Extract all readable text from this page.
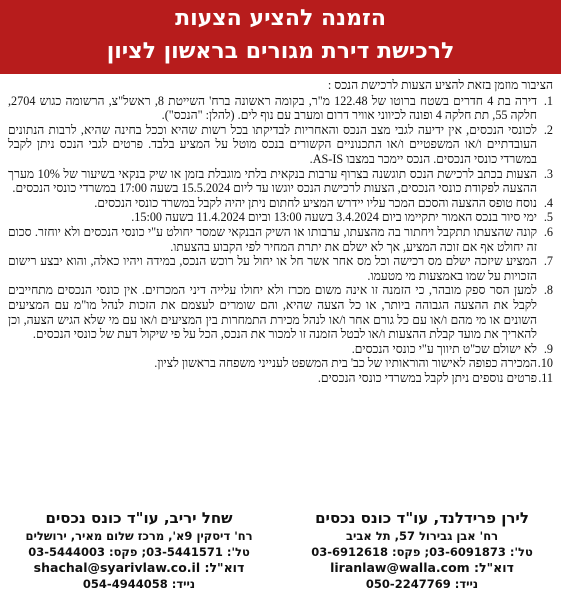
הזמנה להציע הצעות
לרכישת דירת מגורים בראשון לציון
הציבור מוזמן בזאת להציע הצעות לרכישת הנכס :
1.
דירה בת 4 חדרים בשטח ברוטו של 122.48 מ"ר, בקומה ראשונה ברח' השייטת 8, ראשל"צ, הרשומה כגוש 2704, חלקה 55, תת חלקה 4 ופונה לכיווני אוויר דרום ומערב עם נוף לים. (להלן: "הנכס").
2.
לכונסי הנכסים, אין ידיעה לגבי מצב הנכס והאחריות לבדיקתו בכל רשות שהיא וככל בחינה שהיא, לרבות הנתונים העובדתיים ו/או המשפטיים ו/או התכנוניים הקשורים בנכס מוטל על המציע בלבד. פרטים לגבי הנכס ניתן לקבל במשרדי כונסי הנכסים. הנכס יימכר במצבו AS-IS.
3.
הצעות בכתב לרכישת הנכס תוגשנה בצרוף ערבות בנקאית בלתי מוגבלת בזמן או שיק בנקאי בשיעור של 10% מערך ההצעה לפקודת כונסי הנכסים, הצעות לרכישת הנכס יוגשו עד ליום 15.5.2024 בשעה 17:00 במשרדי כונסי הנכסים.
4.
נוסח טופס ההצעה והסכם המכר עליו יידרש המציע לחתום ניתן יהיה לקבל במשרד כונסי הנכסים.
5.
ימי סיור בנכס האמור יתקיימו ביום 3.4.2024 בשעה 13:00 וביום 11.4.2024 בשעה 15:00.
6.
קונה שהצעתו תתקבל ויחתור בה מהצעתו, ערבותו או השיק הבנקאי שמסר יחולט ע"י כונסי הנכסים ולא יוחזר. סכום זה יחולט אף אם זוכה המציע, אך לא ישלם את יתרת המחיר לפי הקבוע בהצעתו.
7.
המציע שיזכה ישלם מס רכישה וכל מס אחר אשר חל או יחול על רוכש הנכס, במידה ויהיו כאלה, והוא יבצע רישום הזכויות על שמו באמצעות מי מטעמו.
8.
למען הסר ספק מובהר, כי הזמנה זו אינה משום מכרז ולא יחולו עלייה דיני המכרזים. אין כונסי הנכסים מתחייבים לקבל את ההצעה הגבוהה ביותר, או כל הצעה שהיא, והם שומרים לעצמם את הזכות לנהל מו"מ עם המציעים השונים או מי מהם ו/או עם כל גורם אחר ו/או לנהל מכירת התמחרות בין המציעים ו/או עם מי שלא הגיש הצעה, וכן להאריך את מועד קבלת ההצעות ו/או לבטל הזמנה זו למכור את הנכס, הכל על פי שיקול דעת של כונסי הנכסים.
9.
לא ישולם שכ"ט תיווך ע"י כונסי הנכסים.
10.
המכירה כפופה לאישור והוראותיו של כב' בית המשפט לענייני משפחה בראשון לציון.
11.
פרטים נוספים ניתן לקבל במשרדי כונסי הנכסים.
לירן פרידלנד, עו"ד כונס נכסים
רח' אבן גבירול 57, תל אביב
טל': 03-6091873; פקס: 03-6912618
דוא"ל: liranlaw@walla.com
נייד: 050-2247769
שחל יריב, עו"ד כונס נכסים
רח' דיסקין 9א', מרכז שלום מאיר, ירושלים
טל': 03-5441571; פקס: 03-5444003
דוא"ל: shachal@syarivlaw.co.il
נייד: 054-4944058
